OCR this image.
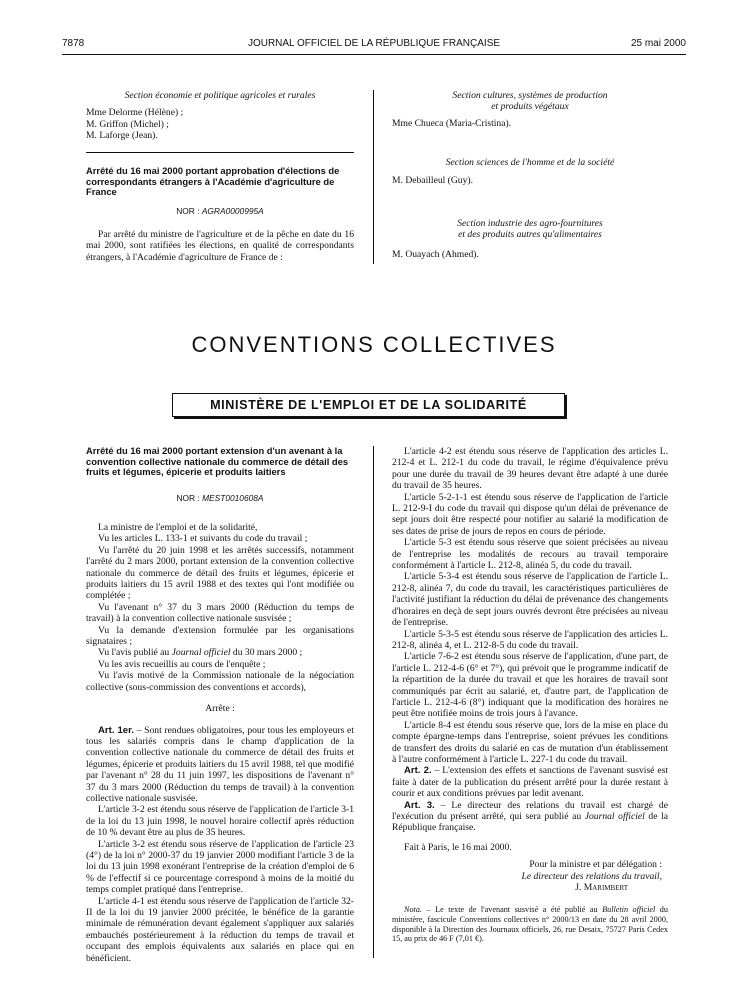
7878	JOURNAL OFFICIEL DE LA RÉPUBLIQUE FRANÇAISE	25 mai 2000
Section économie et politique agricoles et rurales
Mme Delorme (Hélène) ;
M. Griffon (Michel) ;
M. Laforge (Jean).
Arrêté du 16 mai 2000 portant approbation d'élections de correspondants étrangers à l'Académie d'agriculture de France
NOR : AGRA0000995A

Par arrêté du ministre de l'agriculture et de la pêche en date du 16 mai 2000, sont ratifiées les élections, en qualité de correspondants étrangers, à l'Académie d'agriculture de France de :

Section cultures, systèmes de production
et produits végétaux
Mme Chueca (Maria-Cristina).
Section sciences de l'homme et de la société
M. Debailleul (Guy).
Section industrie des agro-fournitures
et des produits autres qu'alimentaires
M. Ouayach (Ahmed).
CONVENTIONS COLLECTIVES
MINISTÈRE DE L'EMPLOI ET DE LA SOLIDARITÉ
Arrêté du 16 mai 2000 portant extension d'un avenant à la convention collective nationale du commerce de détail des fruits et légumes, épicerie et produits laitiers
NOR : MEST0010608A

La ministre de l'emploi et de la solidarité,

Vu les articles L. 133-1 et suivants du code du travail ;

Vu l'arrêté du 20 juin 1998 et les arrêtés successifs, notamment l'arrêté du 2 mars 2000, portant extension de la convention collective nationale du commerce de détail des fruits et légumes, épicerie et produits laitiers du 15 avril 1988 et des textes qui l'ont modifiée ou complétée ;

Vu l'avenant n° 37 du 3 mars 2000 (Réduction du temps de travail) à la convention collective nationale susvisée ;

Vu la demande d'extension formulée par les organisations signataires ;

Vu l'avis publié au Journal officiel du 30 mars 2000 ;

Vu les avis recueillis au cours de l'enquête ;

Vu l'avis motivé de la Commission nationale de la négociation collective (sous-commission des conventions et accords),

Arrête :

Art. 1er. – Sont rendues obligatoires, pour tous les employeurs et tous les salariés compris dans le champ d'application de la convention collective nationale du commerce de détail des fruits et légumes, épicerie et produits laitiers du 15 avril 1988, tel que modifié par l'avenant n° 28 du 11 juin 1997, les dispositions de l'avenant n° 37 du 3 mars 2000 (Réduction du temps de travail) à la convention collective nationale susvisée.

L'article 3-2 est étendu sous réserve de l'application de l'article 3-1 de la loi du 13 juin 1998, le nouvel horaire collectif après réduction de 10 % devant être au plus de 35 heures.

L'article 3-2 est étendu sous réserve de l'application de l'article 23 (4°) de la loi n° 2000-37 du 19 janvier 2000 modifiant l'article 3 de la loi du 13 juin 1998 exonérant l'entreprise de la création d'emploi de 6 % de l'effectif si ce pourcentage correspond à moins de la moitié du temps complet pratiqué dans l'entreprise.

L'article 4-1 est étendu sous réserve de l'application de l'article 32-II de la loi du 19 janvier 2000 précitée, le bénéfice de la garantie minimale de rémunération devant également s'appliquer aux salariés embauchés postérieurement à la réduction du temps de travail et occupant des emplois équivalents aux salariés en place qui en bénéficient.

L'article 4-2 est étendu sous réserve de l'application des articles L. 212-4 et L. 212-1 du code du travail, le régime d'équivalence prévu pour une durée du travail de 39 heures devant être adapté à une durée du travail de 35 heures.

L'article 5-2-1-1 est étendu sous réserve de l'application de l'article L. 212-9-I du code du travail qui dispose qu'un délai de prévenance de sept jours doit être respecté pour notifier au salarié la modification de ses dates de prise de jours de repos en cours de période.

L'article 5-3 est étendu sous réserve que soient précisées au niveau de l'entreprise les modalités de recours au travail temporaire conformément à l'article L. 212-8, alinéa 5, du code du travail.

L'article 5-3-4 est étendu sous réserve de l'application de l'article L. 212-8, alinéa 7, du code du travail, les caractéristiques particulières de l'activité justifiant la réduction du délai de prévenance des changements d'horaires en deçà de sept jours ouvrés devront être précisées au niveau de l'entreprise.

L'article 5-3-5 est étendu sous réserve de l'application des articles L. 212-8, alinéa 4, et L. 212-8-5 du code du travail.

L'article 7-6-2 est étendu sous réserve de l'application, d'une part, de l'article L. 212-4-6 (6° et 7°), qui prévoit que le programme indicatif de la répartition de la durée du travail et que les horaires de travail sont communiqués par écrit au salarié, et, d'autre part, de l'application de l'article L. 212-4-6 (8°) indiquant que la modification des horaires ne peut être notifiée moins de trois jours à l'avance.

L'article 8-4 est étendu sous réserve que, lors de la mise en place du compte épargne-temps dans l'entreprise, soient prévues les conditions de transfert des droits du salarié en cas de mutation d'un établissement à l'autre conformément à l'article L. 227-1 du code du travail.

Art. 2. – L'extension des effets et sanctions de l'avenant susvisé est faite à dater de la publication du présent arrêté pour la durée restant à courir et aux conditions prévues par ledit avenant.

Art. 3. – Le directeur des relations du travail est chargé de l'exécution du présent arrêté, qui sera publié au Journal officiel de la République française.

Fait à Paris, le 16 mai 2000.

Pour la ministre et par délégation :
Le directeur des relations du travail,
J. Marimbert

Nota. – Le texte de l'avenant susvisé a été publié au Bulletin officiel du ministère, fascicule Conventions collectives n° 2000/13 en date du 28 avril 2000, disponible à la Direction des Journaux officiels, 26, rue Desaix, 75727 Paris Cedex 15, au prix de 46 F (7,01 €).
